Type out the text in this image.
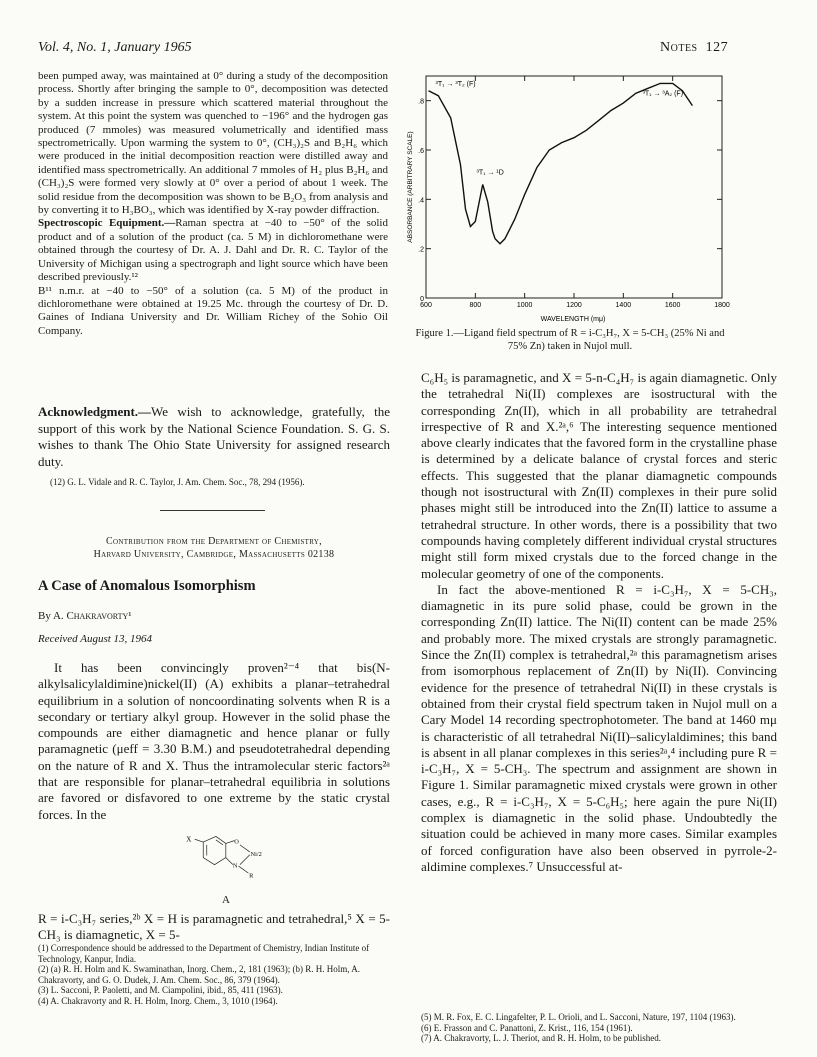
Vol. 4, No. 1, January 1965	Notes 127

been pumped away, was maintained at 0° during a study of the decomposition process. Shortly after bringing the sample to 0°, decomposition was detected by a sudden increase in pressure which scattered material throughout the system. At this point the system was quenched to −196° and the hydrogen gas produced (7 mmoles) was measured volumetrically and identified mass spectrometrically. Upon warming the system to 0°, (CH₃)₂S and B₂H₆ which were produced in the initial decomposition reaction were distilled away and identified mass spectrometrically. An additional 7 mmoles of H₂ plus B₂H₆ and (CH₃)₂S were formed very slowly at 0° over a period of about 1 week. The solid residue from the decomposition was shown to be B₂O₃ from analysis and by converting it to H₃BO₃, which was identified by X-ray powder diffraction.

Spectroscopic Equipment.—Raman spectra at −40 to −50° of the solid product and of a solution of the product (ca. 5 M) in dichloromethane were obtained through the courtesy of Dr. A. J. Dahl and Dr. R. C. Taylor of the University of Michigan using a spectrograph and light source which have been described previously.¹²

B¹¹ n.m.r. at −40 to −50° of a solution (ca. 5 M) of the product in dichloromethane were obtained at 19.25 Mc. through the courtesy of Dr. D. Gaines of Indiana University and Dr. William Richey of the Sohio Oil Company.

Acknowledgment.—We wish to acknowledge, gratefully, the support of this work by the National Science Foundation. S. G. S. wishes to thank The Ohio State University for assigned research duty.

(12) G. L. Vidale and R. C. Taylor, J. Am. Chem. Soc., 78, 294 (1956).

Contribution from the Department of Chemistry,
Harvard University, Cambridge, Massachusetts 02138
A Case of Anomalous Isomorphism

By A. Chakravorty¹

Received August 13, 1964

It has been convincingly proven²⁻⁴ that bis(N-alkylsalicylaldimine)nickel(II) (A) exhibits a planar–tetrahedral equilibrium in a solution of noncoordinating solvents when R is a secondary or tertiary alkyl group. However in the solid phase the compounds are either diamagnetic and hence planar or fully paramagnetic (μeff = 3.30 B.M.) and pseudotetrahedral depending on the nature of R and X. Thus the intramolecular steric factors²ᵃ that are responsible for planar–tetrahedral equilibria in solutions are favored or disfavored to one extreme by the static crystal forces. In the

X	O
Ni/2
N
R

A

R = i-C₃H₇ series,²ᵇ X = H is paramagnetic and tetrahedral,⁵ X = 5-CH₃ is diamagnetic, X = 5-

(1) Correspondence should be addressed to the Department of Chemistry, Indian Institute of Technology, Kanpur, India.

(2) (a) R. H. Holm and K. Swaminathan, Inorg. Chem., 2, 181 (1963); (b) R. H. Holm, A. Chakravorty, and G. O. Dudek, J. Am. Chem. Soc., 86, 379 (1964).

(3) L. Sacconi, P. Paoletti, and M. Ciampolini, ibid., 85, 411 (1963).

(4) A. Chakravorty and R. H. Holm, Inorg. Chem., 3, 1010 (1964).

600	800	1000	1200	1400	1600	1800
0
.2
.4
.6
.8
³T₁ → ³T₂ (F)
³T₁ → ³A₂ (F)
³T₁ → ¹D
WAVELENGTH (mμ)
ABSORBANCE (ARBITRARY SCALE)

Figure 1.—Ligand field spectrum of R = i-C₃H₇, X = 5-CH₃ (25% Ni and 75% Zn) taken in Nujol mull.

C₆H₅ is paramagnetic, and X = 5-n-C₄H₇ is again diamagnetic. Only the tetrahedral Ni(II) complexes are isostructural with the corresponding Zn(II), which in all probability are tetrahedral irrespective of R and X.²ᵃ,⁶ The interesting sequence mentioned above clearly indicates that the favored form in the crystalline phase is determined by a delicate balance of crystal forces and steric effects. This suggested that the planar diamagnetic compounds though not isostructural with Zn(II) complexes in their pure solid phases might still be introduced into the Zn(II) lattice to assume a tetrahedral structure. In other words, there is a possibility that two compounds having completely different individual crystal structures might still form mixed crystals due to the forced change in the molecular geometry of one of the components.

In fact the above-mentioned R = i-C₃H₇, X = 5-CH₃, diamagnetic in its pure solid phase, could be grown in the corresponding Zn(II) lattice. The Ni(II) content can be made 25% and probably more. The mixed crystals are strongly paramagnetic. Since the Zn(II) complex is tetrahedral,²ᵃ this paramagnetism arises from isomorphous replacement of Zn(II) by Ni(II). Convincing evidence for the presence of tetrahedral Ni(II) in these crystals is obtained from their crystal field spectrum taken in Nujol mull on a Cary Model 14 recording spectrophotometer. The band at 1460 mμ is characteristic of all tetrahedral Ni(II)–salicylaldimines; this band is absent in all planar complexes in this series²ᵃ,⁴ including pure R = i-C₃H₇, X = 5-CH₃. The spectrum and assignment are shown in Figure 1. Similar paramagnetic mixed crystals were grown in other cases, e.g., R = i-C₃H₇, X = 5-C₆H₅; here again the pure Ni(II) complex is diamagnetic in the solid phase. Undoubtedly the situation could be achieved in many more cases. Similar examples of forced configuration have also been observed in pyrrole-2-aldimine complexes.⁷ Unsuccessful at-

(5) M. R. Fox, E. C. Lingafelter, P. L. Orioli, and L. Sacconi, Nature, 197, 1104 (1963).

(6) E. Frasson and C. Panattoni, Z. Krist., 116, 154 (1961).

(7) A. Chakravorty, L. J. Theriot, and R. H. Holm, to be published.
